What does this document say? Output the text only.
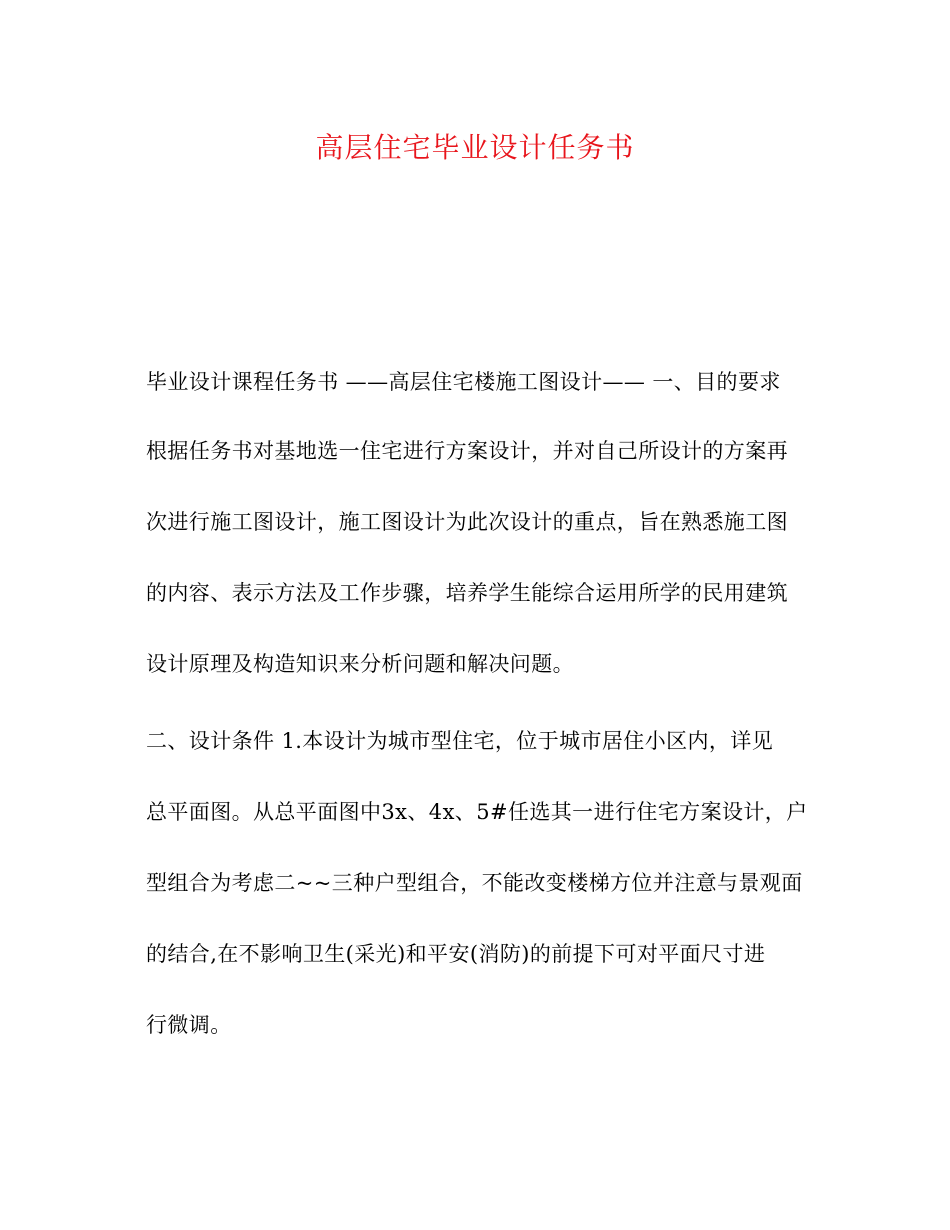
高层住宅毕业设计任务书
毕业设计课程任务书 ——高层住宅楼施工图设计—— 一、目的要求
根据任务书对基地选一住宅进行方案设计，并对自己所设计的方案再
次进行施工图设计，施工图设计为此次设计的重点，旨在熟悉施工图
的内容、表示方法及工作步骤，培养学生能综合运用所学的民用建筑
设计原理及构造知识来分析问题和解决问题。
二、设计条件 1.本设计为城市型住宅，位于城市居住小区内，详见
总平面图。从总平面图中3x、4x、5#任选其一进行住宅方案设计，户
型组合为考虑二~~三种户型组合，不能改变楼梯方位并注意与景观面
的结合,在不影响卫生(采光)和平安(消防)的前提下可对平面尺寸进
行微调。
